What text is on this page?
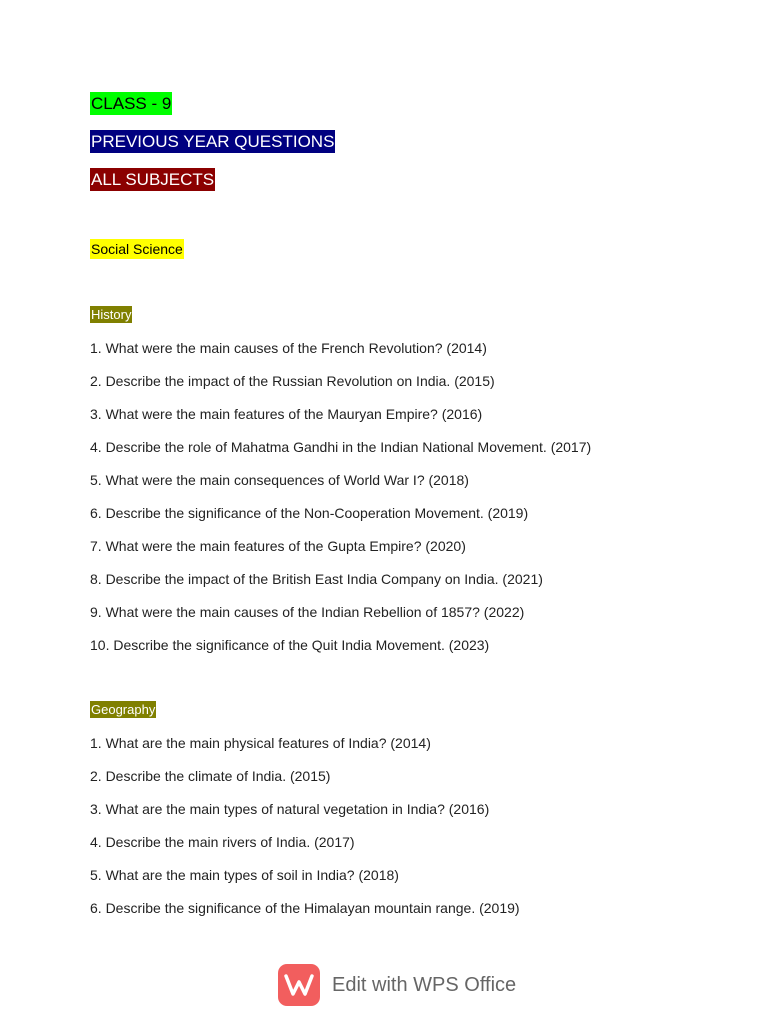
CLASS - 9
PREVIOUS YEAR QUESTIONS
ALL SUBJECTS
Social Science
History
1. What were the main causes of the French Revolution? (2014)
2. Describe the impact of the Russian Revolution on India. (2015)
3. What were the main features of the Mauryan Empire? (2016)
4. Describe the role of Mahatma Gandhi in the Indian National Movement. (2017)
5. What were the main consequences of World War I? (2018)
6. Describe the significance of the Non-Cooperation Movement. (2019)
7. What were the main features of the Gupta Empire? (2020)
8. Describe the impact of the British East India Company on India. (2021)
9. What were the main causes of the Indian Rebellion of 1857? (2022)
10. Describe the significance of the Quit India Movement. (2023)
Geography
1. What are the main physical features of India? (2014)
2. Describe the climate of India. (2015)
3. What are the main types of natural vegetation in India? (2016)
4. Describe the main rivers of India. (2017)
5. What are the main types of soil in India? (2018)
6. Describe the significance of the Himalayan mountain range. (2019)
Edit with WPS Office
